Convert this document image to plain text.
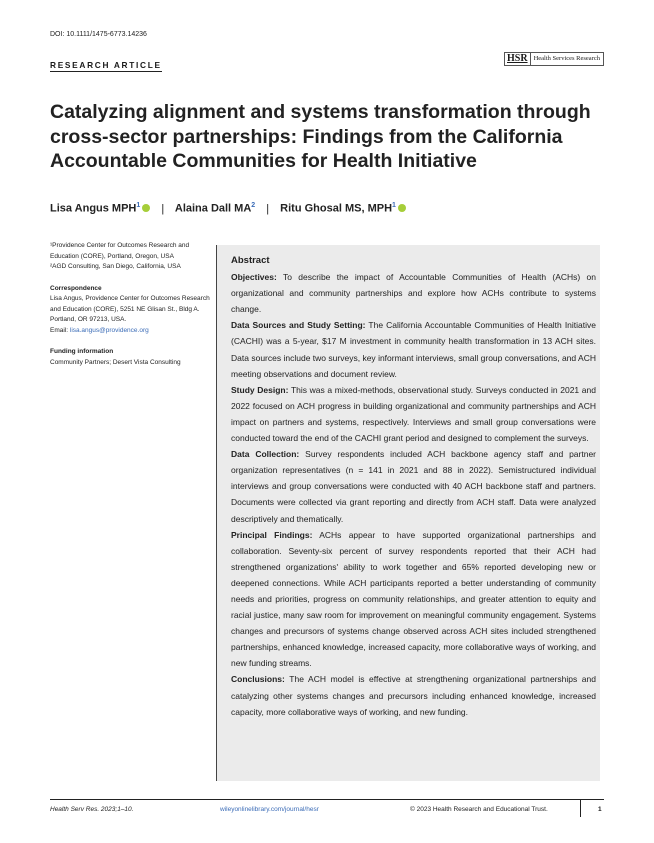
DOI: 10.1111/1475-6773.14236
RESEARCH ARTICLE
HSR Health Services Research
Catalyzing alignment and systems transformation through cross-sector partnerships: Findings from the California Accountable Communities for Health Initiative
Lisa Angus MPH$^1$ | Alaina Dall $MA^2$ | Ritu Ghosal MS, MPH$^1$

¹Providence Center for Outcomes Research and Education (CORE), Portland, Oregon, USA

²AGD Consulting, San Diego, California, USA

Correspondence

Lisa Angus, Providence Center for Outcomes Research and Education (CORE), 5251 NE Glisan St., Bldg A. Portland, OR 97213, USA.

Email: lisa.angus@providence.org

Funding information

Community Partners; Desert Vista Consulting

Abstract

Objectives: To describe the impact of Accountable Communities of Health (ACHs) on organizational and community partnerships and explore how ACHs contribute to systems change.

Data Sources and Study Setting: The California Accountable Communities of Health Initiative (CACHI) was a 5-year, $17 M investment in community health transformation in 13 ACH sites. Data sources include two surveys, key informant interviews, small group conversations, and ACH meeting observations and document review.

Study Design: This was a mixed-methods, observational study. Surveys conducted in 2021 and 2022 focused on ACH progress in building organizational and community partnerships and ACH impact on partners and systems, respectively. Interviews and small group conversations were conducted toward the end of the CACHI grant period and designed to complement the surveys.

Data Collection: Survey respondents included ACH backbone agency staff and partner organization representatives (n = 141 in 2021 and 88 in 2022). Semistructured individual interviews and group conversations were conducted with 40 ACH backbone staff and partners. Documents were collected via grant reporting and directly from ACH staff. Data were analyzed descriptively and thematically.

Principal Findings: ACHs appear to have supported organizational partnerships and collaboration. Seventy-six percent of survey respondents reported that their ACH had strengthened organizations' ability to work together and 65% reported developing new or deepened connections. While ACH participants reported a better understanding of community needs and priorities, progress on community relationships, and greater attention to equity and racial justice, many saw room for improvement on meaningful community engagement. Systems changes and precursors of systems change observed across ACH sites included strengthened partnerships, enhanced knowledge, increased capacity, more collaborative ways of working, and new funding streams.

Conclusions: The ACH model is effective at strengthening organizational partnerships and catalyzing other systems changes and precursors including enhanced knowledge, increased capacity, more collaborative ways of working, and new funding.

Health Serv Res. 2023;1–10.	wileyonlinelibrary.com/journal/hesr	© 2023 Health Research and Educational Trust.	1
